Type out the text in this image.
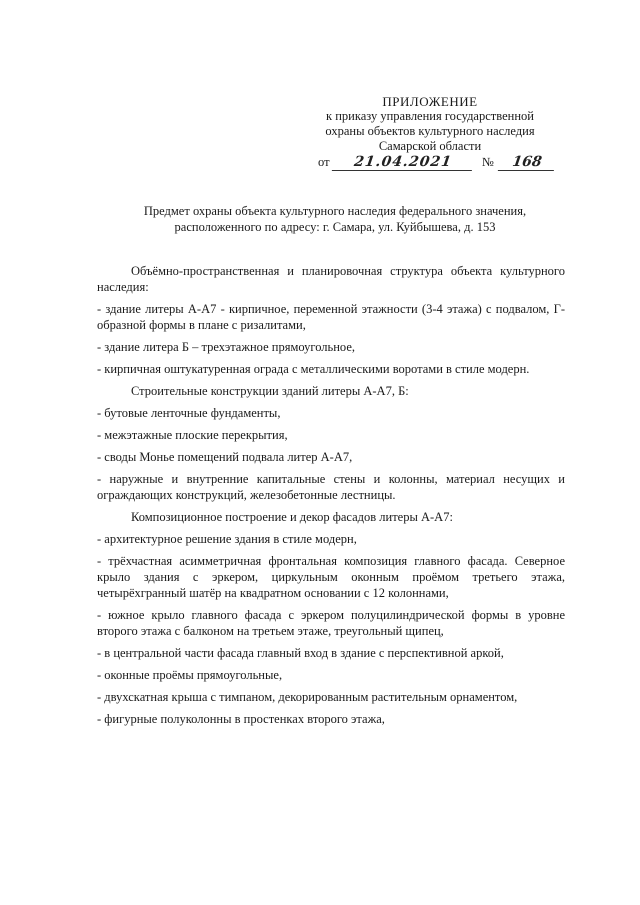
ПРИЛОЖЕНИЕ
к приказу управления государственной
охраны объектов культурного наследия
Самарской области
от 21.04.2021 № 168
Предмет охраны объекта культурного наследия федерального значения,
расположенного по адресу: г. Самара, ул. Куйбышева, д. 153

Объёмно-пространственная и планировочная структура объекта культурного наследия:

- здание литеры А-А7 - кирпичное, переменной этажности (3-4 этажа) с подвалом, Г-образной формы в плане с ризалитами,

- здание литера Б – трехэтажное прямоугольное,

- кирпичная оштукатуренная ограда с металлическими воротами в стиле модерн.

Строительные конструкции зданий литеры А-А7, Б:

- бутовые ленточные фундаменты,

- межэтажные плоские перекрытия,

- своды Монье помещений подвала литер А-А7,

- наружные и внутренние капитальные стены и колонны, материал несущих и ограждающих конструкций, железобетонные лестницы.

Композиционное построение и декор фасадов литеры А-А7:

- архитектурное решение здания в стиле модерн,

- трёхчастная асимметричная фронтальная композиция главного фасада. Северное крыло здания с эркером, циркульным оконным проёмом третьего этажа, четырёхгранный шатёр на квадратном основании с 12 колоннами,

- южное крыло главного фасада с эркером полуцилиндрической формы в уровне второго этажа с балконом на третьем этаже, треугольный щипец,

- в центральной части фасада главный вход в здание с перспективной аркой,

- оконные проёмы прямоугольные,

- двухскатная крыша с тимпаном, декорированным растительным орнаментом,

- фигурные полуколонны в простенках второго этажа,
